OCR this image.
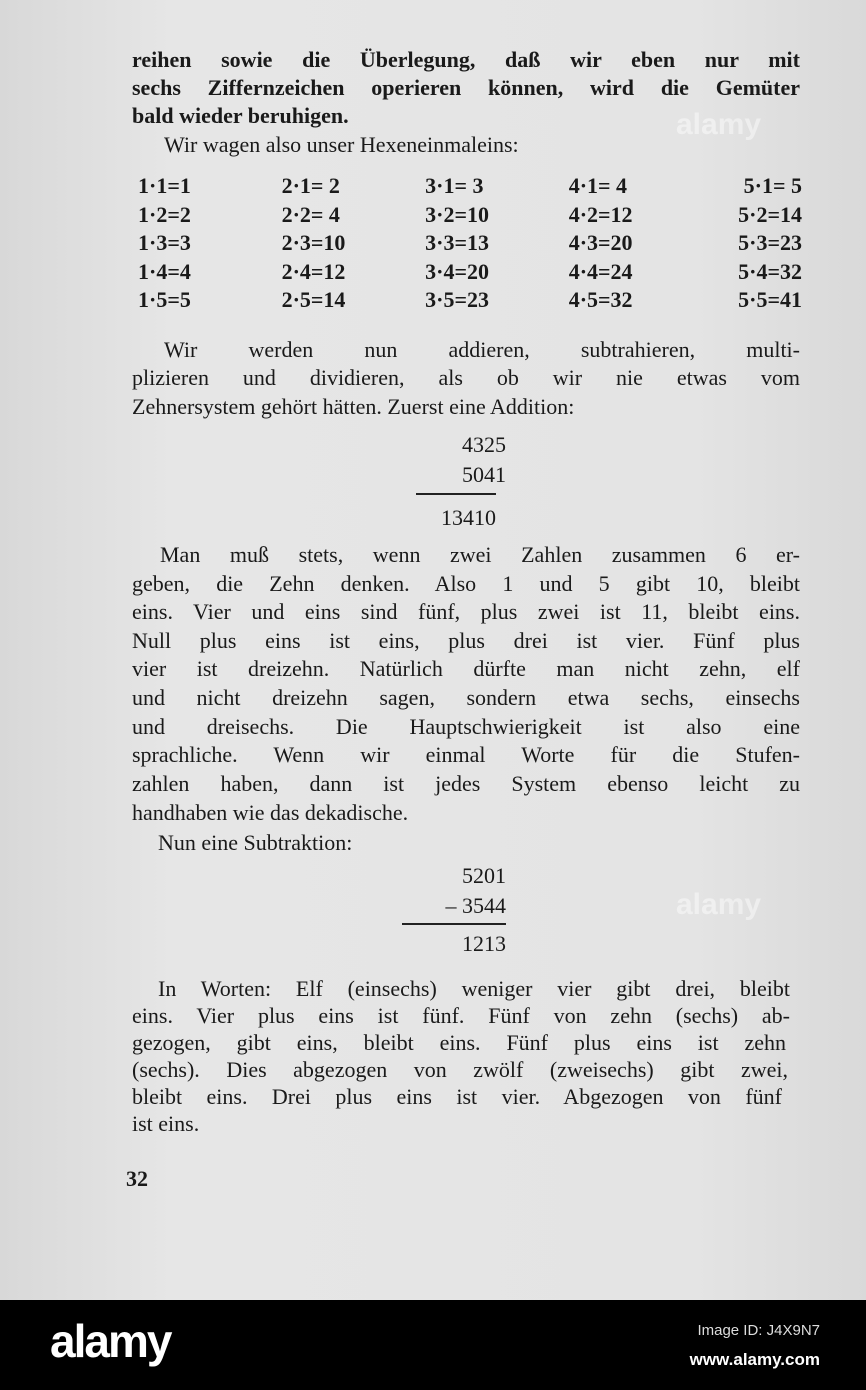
alamy
alamy
reihen sowie die Überlegung, daß wir eben nur mit
sechs Ziffernzeichen operieren können, wird die Gemüter
bald wieder beruhigen.
Wir wagen also unser Hexeneinmaleins:
1·1=1	2·1= 2	3·1= 3	4·1= 4	5·1= 5
1·2=2	2·2= 4	3·2=10	4·2=12	5·2=14
1·3=3	2·3=10	3·3=13	4·3=20	5·3=23
1·4=4	2·4=12	3·4=20	4·4=24	5·4=32
1·5=5	2·5=14	3·5=23	4·5=32	5·5=41
Wir werden nun addieren, subtrahieren, multi-
plizieren und dividieren, als ob wir nie etwas vom
Zehnersystem gehört hätten. Zuerst eine Addition:
4325
5041
13410
Man muß stets, wenn zwei Zahlen zusammen 6 er-
geben, die Zehn denken. Also 1 und 5 gibt 10, bleibt
eins. Vier und eins sind fünf, plus zwei ist 11, bleibt eins.
Null plus eins ist eins, plus drei ist vier. Fünf plus
vier ist dreizehn. Natürlich dürfte man nicht zehn, elf
und nicht dreizehn sagen, sondern etwa sechs, einsechs
und dreisechs. Die Hauptschwierigkeit ist also eine
sprachliche. Wenn wir einmal Worte für die Stufen-
zahlen haben, dann ist jedes System ebenso leicht zu
handhaben wie das dekadische.
Nun eine Subtraktion:
5201
– 3544
1213
In Worten: Elf (einsechs) weniger vier gibt drei, bleibt
eins. Vier plus eins ist fünf. Fünf von zehn (sechs) ab-
gezogen, gibt eins, bleibt eins. Fünf plus eins ist zehn
(sechs). Dies abgezogen von zwölf (zweisechs) gibt zwei,
bleibt eins. Drei plus eins ist vier. Abgezogen von fünf
ist eins.
32
alamy	Image ID: J4X9N7
www.alamy.com
